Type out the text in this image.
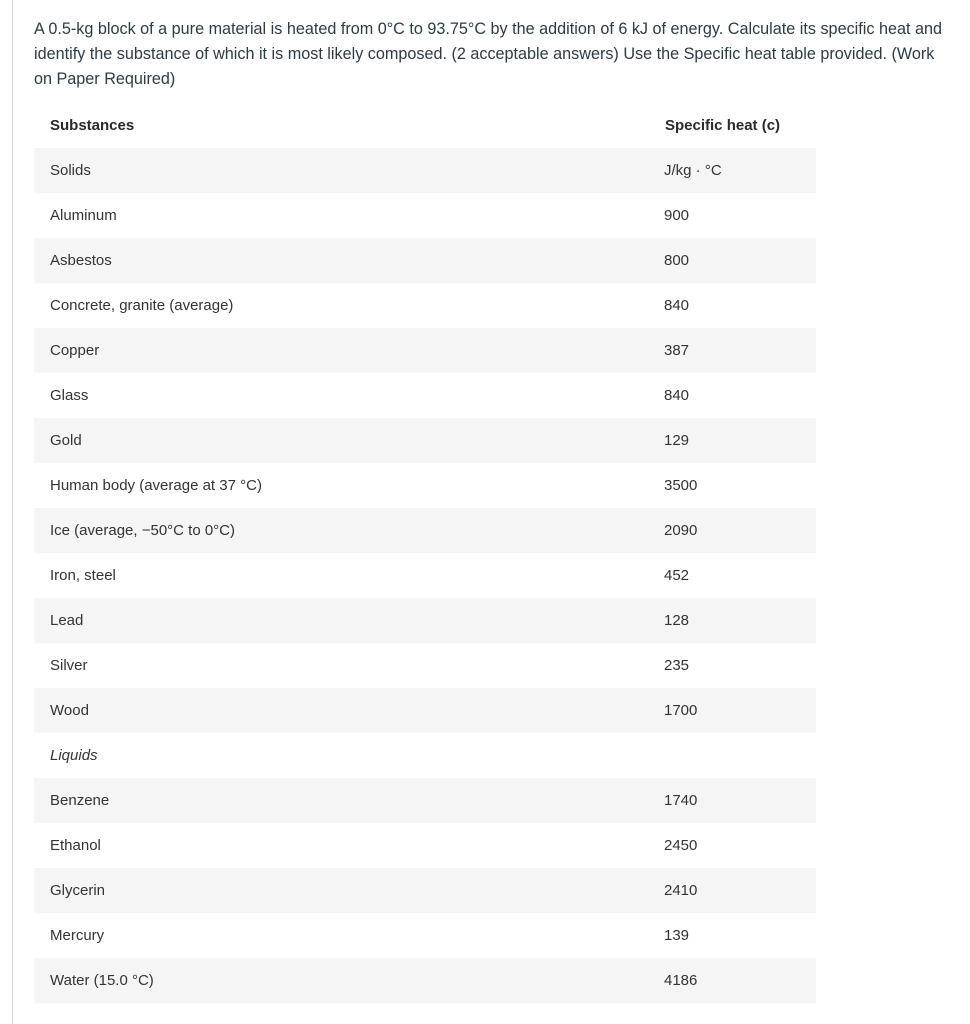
A 0.5-kg block of a pure material is heated from 0°C to 93.75°C by the addition of 6 kJ of energy. Calculate its specific heat and identify the substance of which it is most likely composed. (2 acceptable answers) Use the Specific heat table provided. (Work on Paper Required)

Substances	Specific heat (c)
Solids	J/kg · °C
Aluminum	900
Asbestos	800
Concrete, granite (average)	840
Copper	387
Glass	840
Gold	129
Human body (average at 37 °C)	3500
Ice (average, −50°C to 0°C)	2090
Iron, steel	452
Lead	128
Silver	235
Wood	1700
Liquids	
Benzene	1740
Ethanol	2450
Glycerin	2410
Mercury	139
Water (15.0 °C)	4186
